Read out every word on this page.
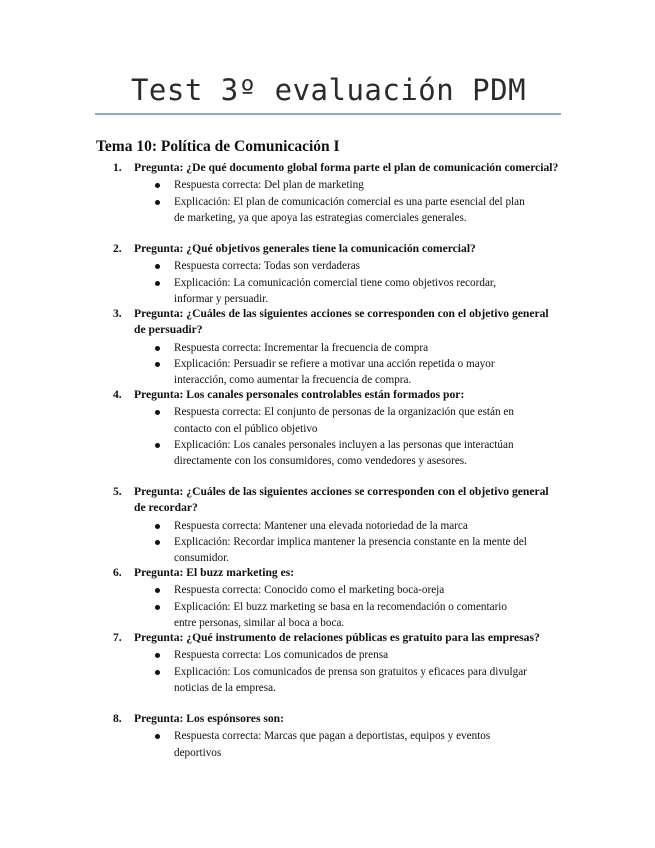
Test 3º evaluación PDM
Tema 10: Política de Comunicación I
1. Pregunta: ¿De qué documento global forma parte el plan de comunicación comercial?
Respuesta correcta: Del plan de marketing
Explicación: El plan de comunicación comercial es una parte esencial del plan de marketing, ya que apoya las estrategias comerciales generales.
2. Pregunta: ¿Qué objetivos generales tiene la comunicación comercial?
Respuesta correcta: Todas son verdaderas
Explicación: La comunicación comercial tiene como objetivos recordar, informar y persuadir.
3. Pregunta: ¿Cuáles de las siguientes acciones se corresponden con el objetivo general de persuadir?
Respuesta correcta: Incrementar la frecuencia de compra
Explicación: Persuadir se refiere a motivar una acción repetida o mayor interacción, como aumentar la frecuencia de compra.
4. Pregunta: Los canales personales controlables están formados por:
Respuesta correcta: El conjunto de personas de la organización que están en contacto con el público objetivo
Explicación: Los canales personales incluyen a las personas que interactúan directamente con los consumidores, como vendedores y asesores.
5. Pregunta: ¿Cuáles de las siguientes acciones se corresponden con el objetivo general de recordar?
Respuesta correcta: Mantener una elevada notoriedad de la marca
Explicación: Recordar implica mantener la presencia constante en la mente del consumidor.
6. Pregunta: El buzz marketing es:
Respuesta correcta: Conocido como el marketing boca-oreja
Explicación: El buzz marketing se basa en la recomendación o comentario entre personas, similar al boca a boca.
7. Pregunta: ¿Qué instrumento de relaciones públicas es gratuito para las empresas?
Respuesta correcta: Los comunicados de prensa
Explicación: Los comunicados de prensa son gratuitos y eficaces para divulgar noticias de la empresa.
8. Pregunta: Los espónsores son:
Respuesta correcta: Marcas que pagan a deportistas, equipos y eventos deportivos
